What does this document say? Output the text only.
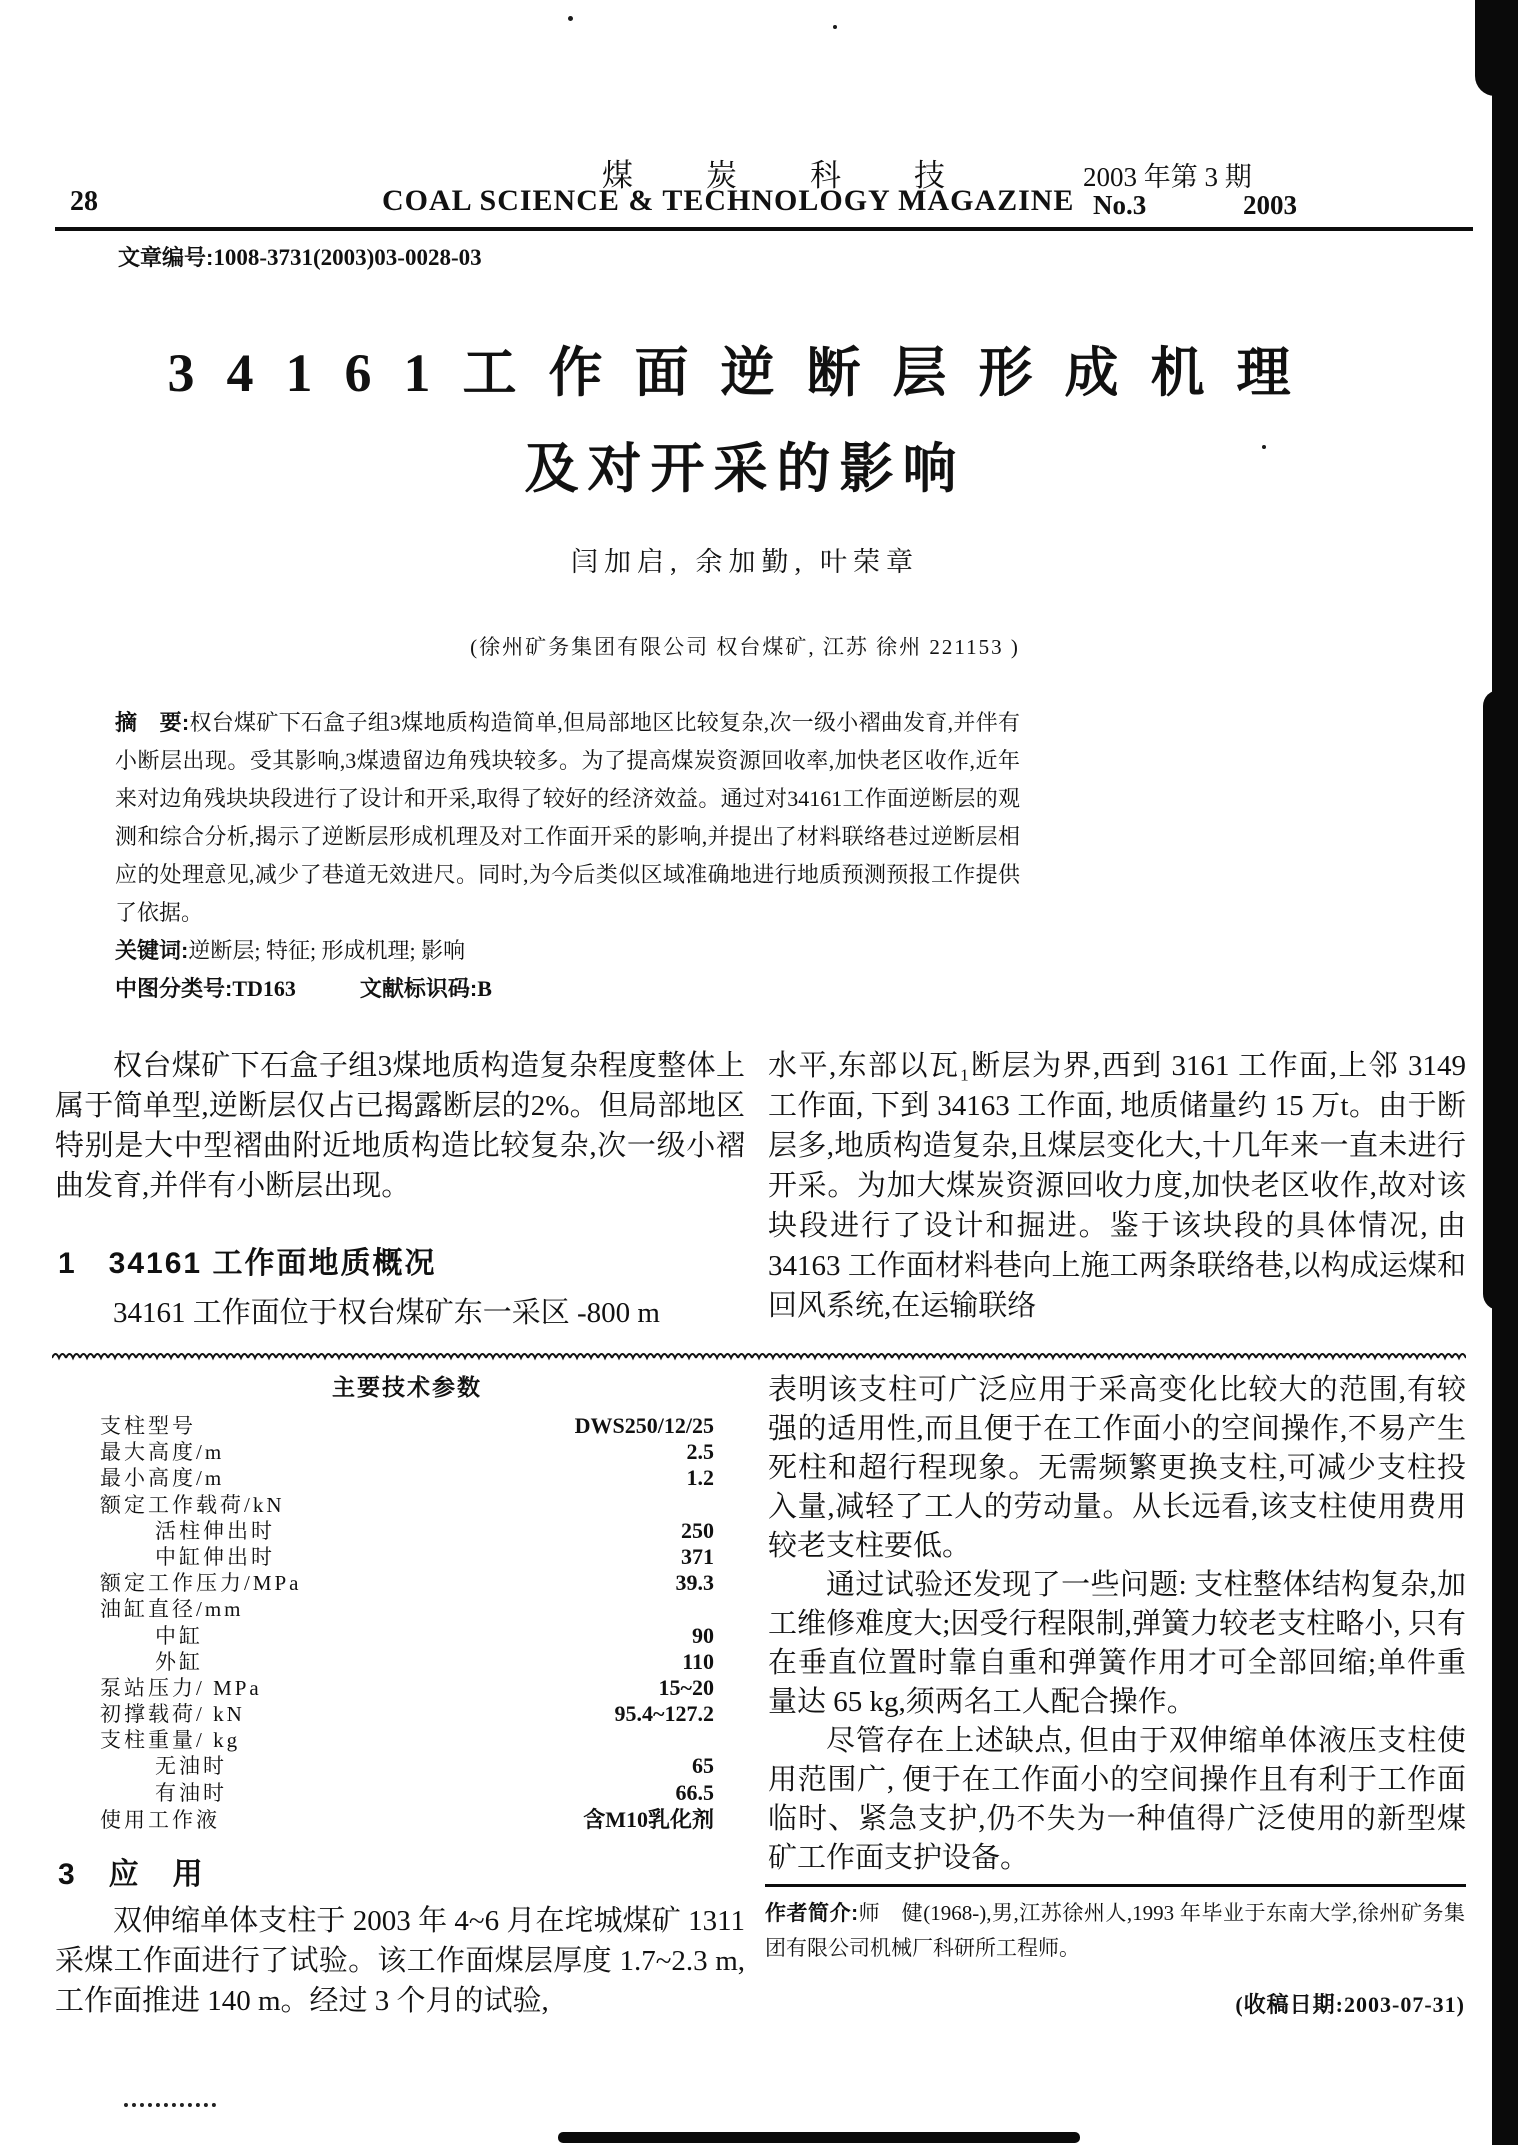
煤炭科技 2003 年第 3 期
28	COAL SCIENCE & TECHNOLOGY MAGAZINE No.3	2003
文章编号:1008-3731(2003)03-0028-03
34161工作面逆断层形成机理
及对开采的影响
闫加启, 余加勤, 叶荣章
(徐州矿务集团有限公司 权台煤矿, 江苏 徐州 221153 )
摘　要:权台煤矿下石盒子组3煤地质构造简单,但局部地区比较复杂,次一级小褶曲发育,并伴有小断层出现。受其影响,3煤遗留边角残块较多。为了提高煤炭资源回收率,加快老区收作,近年来对边角残块块段进行了设计和开采,取得了较好的经济效益。通过对34161工作面逆断层的观测和综合分析,揭示了逆断层形成机理及对工作面开采的影响,并提出了材料联络巷过逆断层相应的处理意见,减少了巷道无效进尺。同时,为今后类似区域准确地进行地质预测预报工作提供了依据。
关键词:逆断层; 特征; 形成机理; 影响
中图分类号:TD163	文献标识码:B
权台煤矿下石盒子组3煤地质构造复杂程度整体上属于简单型,逆断层仅占已揭露断层的2%。但局部地区特别是大中型褶曲附近地质构造比较复杂,次一级小褶曲发育,并伴有小断层出现。
1　34161 工作面地质概况
34161 工作面位于权台煤矿东一采区 -800 m
主要技术参数
支柱型号	DWS250/12/25
最大高度/m	2.5
最小高度/m	1.2
额定工作载荷/kN
活柱伸出时	250
中缸伸出时	371
额定工作压力/MPa	39.3
油缸直径/mm
中缸	90
外缸	110
泵站压力/ MPa	15~20
初撑载荷/ kN	95.4~127.2
支柱重量/ kg
无油时	65
有油时	66.5
使用工作液	含M10乳化剂
3　应　用
双伸缩单体支柱于 2003 年 4~6 月在垞城煤矿 1311 采煤工作面进行了试验。该工作面煤层厚度 1.7~2.3 m,工作面推进 140 m。经过 3 个月的试验,
水平,东部以瓦₁断层为界,西到 3161 工作面,上邻 3149 工作面, 下到 34163 工作面, 地质储量约 15 万t。由于断层多,地质构造复杂,且煤层变化大,十几年来一直未进行开采。为加大煤炭资源回收力度,加快老区收作,故对该块段进行了设计和掘进。鉴于该块段的具体情况, 由 34163 工作面材料巷向上施工两条联络巷,以构成运煤和回风系统,在运输联络

表明该支柱可广泛应用于采高变化比较大的范围,有较强的适用性,而且便于在工作面小的空间操作,不易产生死柱和超行程现象。无需频繁更换支柱,可减少支柱投入量,减轻了工人的劳动量。从长远看,该支柱使用费用较老支柱要低。

通过试验还发现了一些问题: 支柱整体结构复杂,加工维修难度大;因受行程限制,弹簧力较老支柱略小, 只有在垂直位置时靠自重和弹簧作用才可全部回缩;单件重量达 65 kg,须两名工人配合操作。

尽管存在上述缺点, 但由于双伸缩单体液压支柱使用范围广, 便于在工作面小的空间操作且有利于工作面临时、紧急支护,仍不失为一种值得广泛使用的新型煤矿工作面支护设备。

作者简介:师　健(1968-),男,江苏徐州人,1993 年毕业于东南大学,徐州矿务集团有限公司机械厂科研所工程师。
(收稿日期:2003-07-31)
